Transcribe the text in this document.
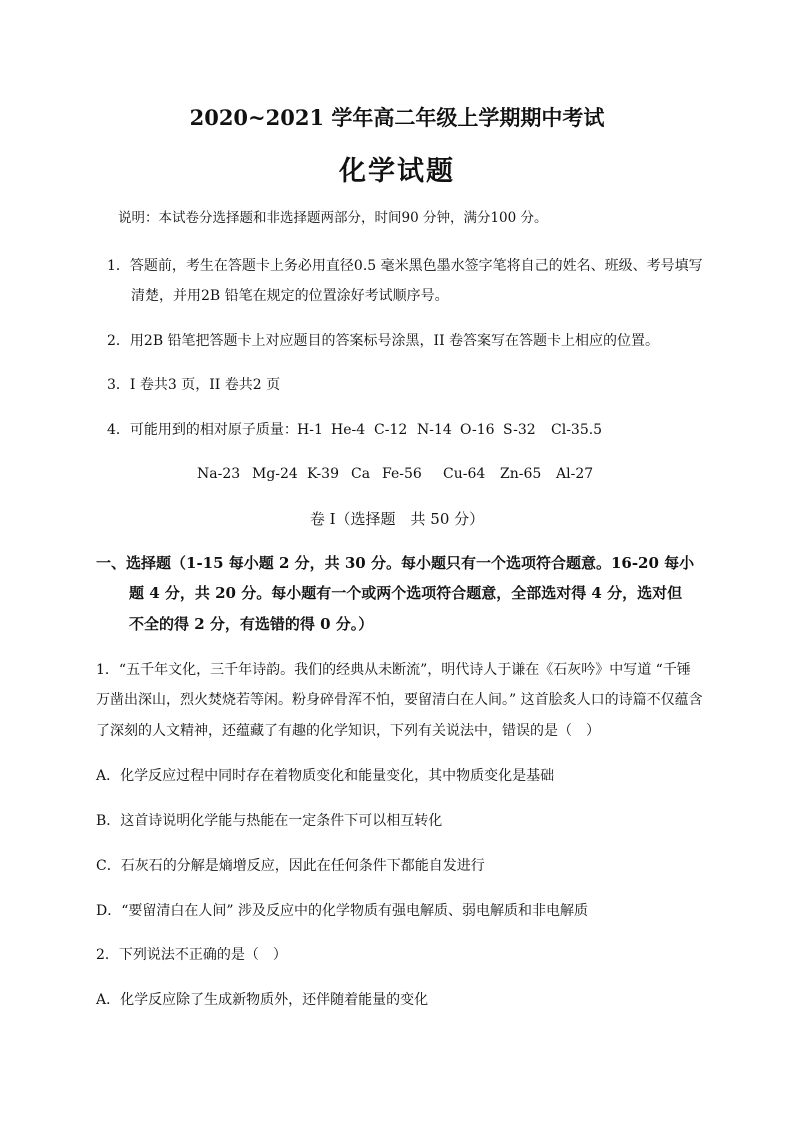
2020~2021 学年高二年级上学期期中考试
化学试题
说明：本试卷分选择题和非选择题两部分，时间90 分钟，满分100 分。
1．答题前，考生在答题卡上务必用直径0.5 毫米黑色墨水签字笔将自己的姓名、班级、考号填写
清楚，并用2B 铅笔在规定的位置涂好考试顺序号。
2．用2B 铅笔把答题卡上对应题目的答案标号涂黑，II 卷答案写在答题卡上相应的位置。
3．I 卷共3 页，II 卷共2 页
4．可能用到的相对原子质量： H-1 He-4 C-12 N-14 O-16 S-32 Cl-35.5
Na-23 Mg-24 K-39 Ca Fe-56 Cu-64 Zn-65 Al-27
卷 I（选择题　共 50 分）
一、选择题（1-15 每小题 2 分，共 30 分。每小题只有一个选项符合题意。16-20 每小
题 4 分，共 20 分。每小题有一个或两个选项符合题意，全部选对得 4 分，选对但
不全的得 2 分，有选错的得 0 分。）
1．“五千年文化，三千年诗韵。我们的经典从未断流”，明代诗人于谦在《石灰吟》中写道 “千锤
万凿出深山，烈火焚烧若等闲。粉身碎骨浑不怕，要留清白在人间。” 这首脍炙人口的诗篇不仅蕴含
了深刻的人文精神，还蕴藏了有趣的化学知识，下列有关说法中，错误的是（　）
A．化学反应过程中同时存在着物质变化和能量变化，其中物质变化是基础
B．这首诗说明化学能与热能在一定条件下可以相互转化
C．石灰石的分解是熵增反应，因此在任何条件下都能自发进行
D．“要留清白在人间” 涉及反应中的化学物质有强电解质、弱电解质和非电解质
2．下列说法不正确的是（　）
A．化学反应除了生成新物质外，还伴随着能量的变化
